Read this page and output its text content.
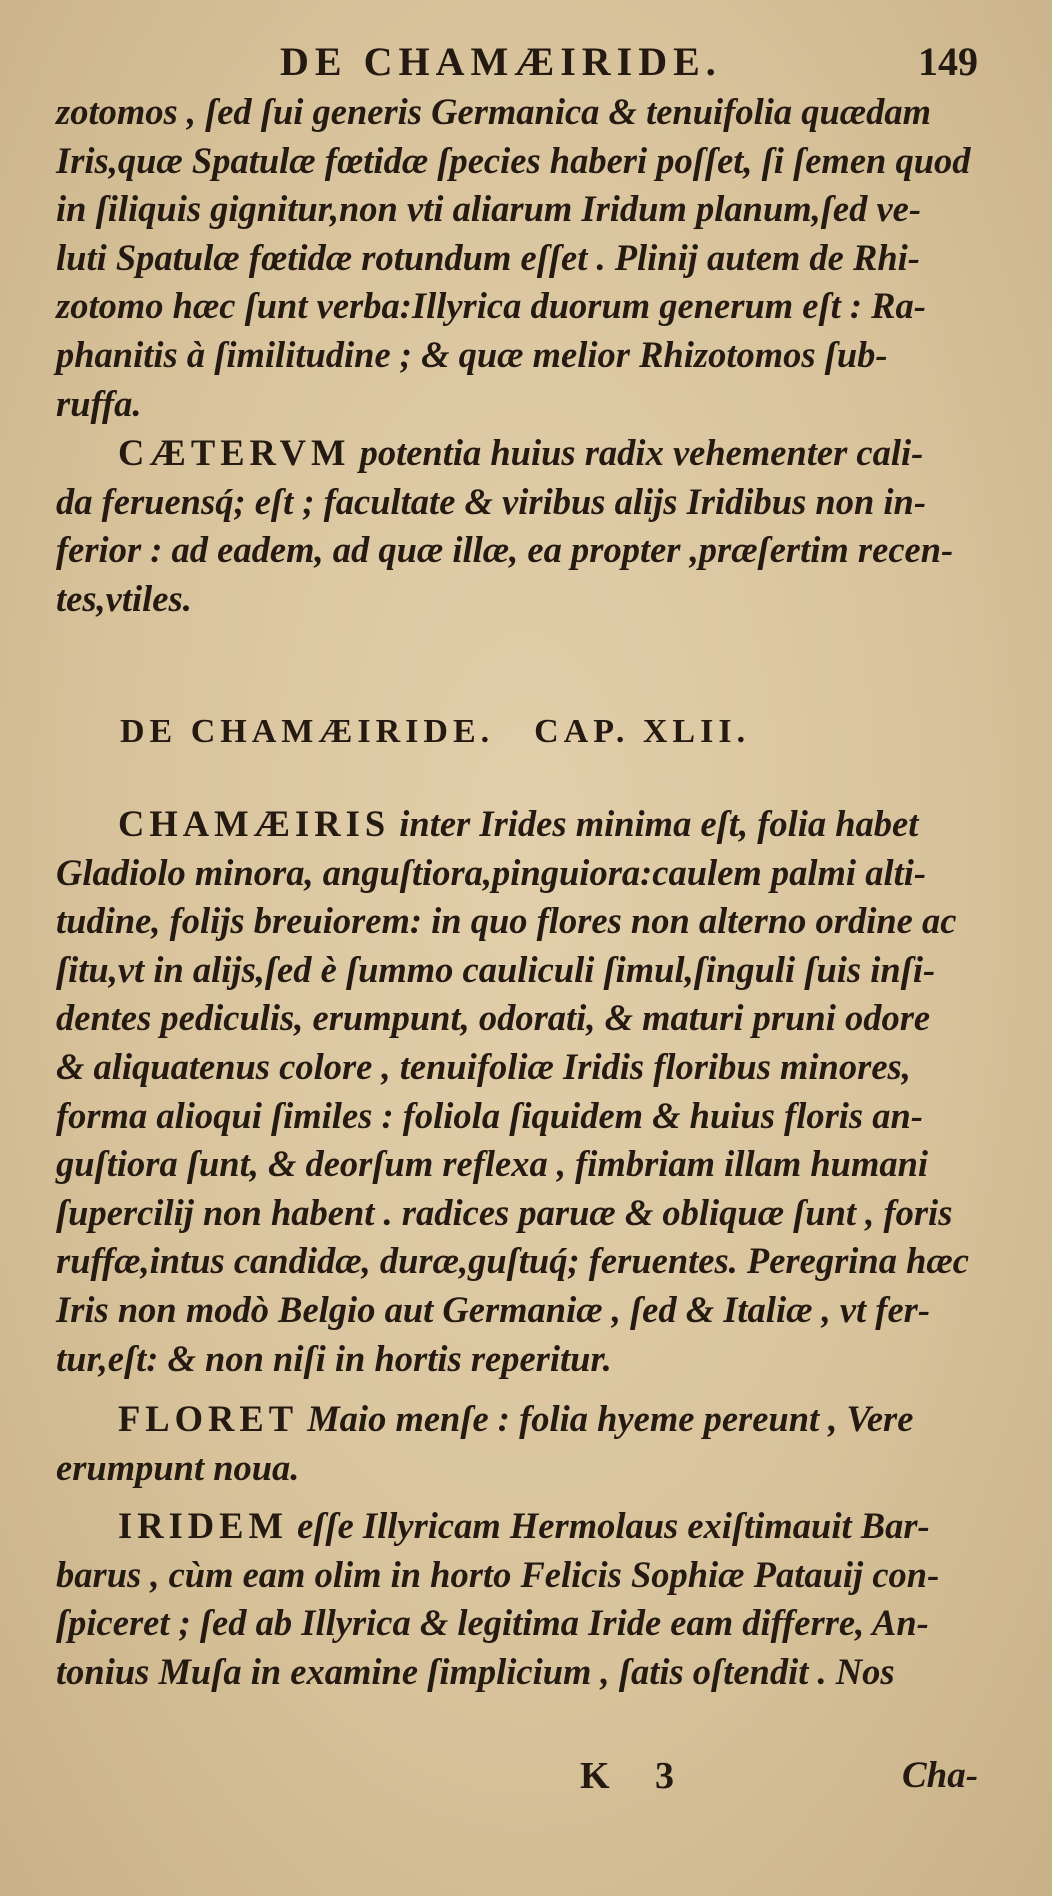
DE CHAMÆIRIDE.	149
zotomos , ſed ſui generis Germanica & tenuifolia quædam
Iris,quæ Spatulæ fœtidæ ſpecies haberi poſſet, ſi ſemen quod
in ſiliquis gignitur,non vti aliarum Iridum planum,ſed ve-
luti Spatulæ fœtidæ rotundum eſſet . Plinij autem de Rhi-
zotomo hæc ſunt verba:Illyrica duorum generum eſt : Ra-
phanitis à ſimilitudine ; & quæ melior Rhizotomos ſub-
ruffa.
CÆTERVM potentia huius radix vehementer cali-
da feruensq́; eſt ; facultate & viribus alijs Iridibus non in-
ferior : ad eadem, ad quæ illæ, ea propter ,præſertim recen-
tes,vtiles.
DE CHAMÆIRIDE. CAP. XLII.
CHAMÆIRIS inter Irides minima eſt, folia habet
Gladiolo minora, anguſtiora,pinguiora:caulem palmi alti-
tudine, folijs breuiorem: in quo flores non alterno ordine ac
ſitu,vt in alijs,ſed è ſummo cauliculi ſimul,ſinguli ſuis inſi-
dentes pediculis, erumpunt, odorati, & maturi pruni odore
& aliquatenus colore , tenuifoliæ Iridis floribus minores,
forma alioqui ſimiles : foliola ſiquidem & huius floris an-
guſtiora ſunt, & deorſum reflexa , fimbriam illam humani
ſupercilij non habent . radices paruæ & obliquæ ſunt , foris
ruffæ,intus candidæ, duræ,guſtuq́; feruentes. Peregrina hæc
Iris non modò Belgio aut Germaniæ , ſed & Italiæ , vt fer-
tur,eſt: & non niſi in hortis reperitur.
FLORET Maio menſe : folia hyeme pereunt , Vere
erumpunt noua.
IRIDEM eſſe Illyricam Hermolaus exiſtimauit Bar-
barus , cùm eam olim in horto Felicis Sophiæ Patauij con-
ſpiceret ; ſed ab Illyrica & legitima Iride eam differre, An-
tonius Muſa in examine ſimplicium , ſatis oſtendit . Nos
K 3	Cha-
